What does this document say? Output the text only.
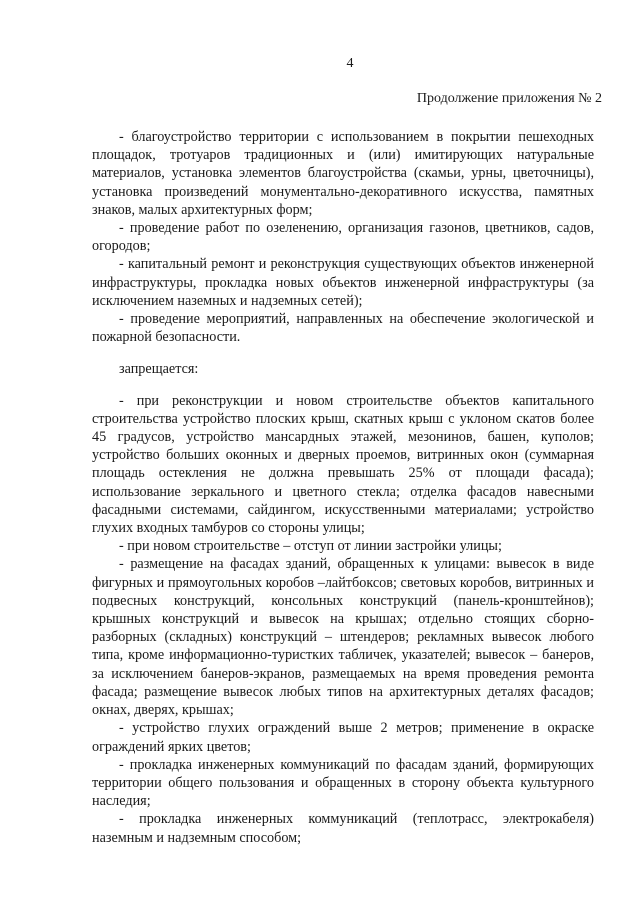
4
Продолжение приложения № 2

- благоустройство территории с использованием в покрытии пешеходных площадок, тротуаров традиционных и (или) имитирующих натуральные материалов, установка элементов благоустройства (скамьи, урны, цветочницы), установка произведений монументально-декоративного искусства, памятных знаков, малых архитектурных форм;

- проведение работ по озеленению, организация газонов, цветников, садов, огородов;

- капитальный ремонт и реконструкция существующих объектов инженерной инфраструктуры, прокладка новых объектов инженерной инфраструктуры (за исключением наземных и надземных сетей);

- проведение мероприятий, направленных на обеспечение экологической и пожарной безопасности.

запрещается:

- при реконструкции и новом строительстве объектов капитального строительства устройство плоских крыш, скатных крыш с уклоном скатов более 45 градусов, устройство мансардных этажей, мезонинов, башен, куполов; устройство больших оконных и дверных проемов, витринных окон (суммарная площадь остекления не должна превышать 25% от площади фасада); использование зеркального и цветного стекла; отделка фасадов навесными фасадными системами, сайдингом, искусственными материалами; устройство глухих входных тамбуров со стороны улицы;

- при новом строительстве – отступ от линии застройки улицы;

- размещение на фасадах зданий, обращенных к улицами: вывесок в виде фигурных и прямоугольных коробов –лайтбоксов; световых коробов, витринных и подвесных конструкций, консольных конструкций (панель-кронштейнов); крышных конструкций и вывесок на крышах; отдельно стоящих сборно-разборных (складных) конструкций – штендеров; рекламных вывесок любого типа, кроме информационно-туристких табличек, указателей; вывесок – банеров, за исключением банеров-экранов, размещаемых на время проведения ремонта фасада; размещение вывесок любых типов на архитектурных деталях фасадов; окнах, дверях, крышах;

- устройство глухих ограждений выше 2 метров; применение в окраске ограждений ярких цветов;

- прокладка инженерных коммуникаций по фасадам зданий, формирующих территории общего пользования и обращенных в сторону объекта культурного наследия;

- прокладка инженерных коммуникаций (теплотрасс, электрокабеля) наземным и надземным способом;
